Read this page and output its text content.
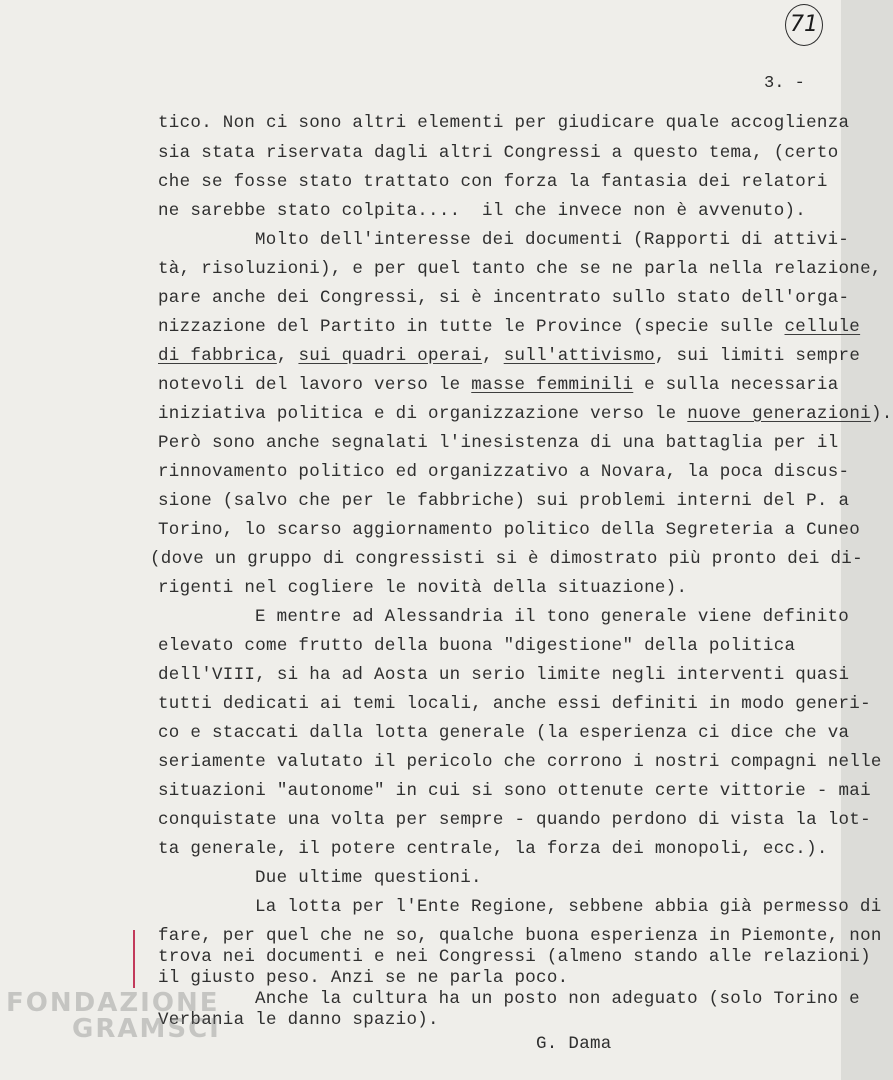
71
3. -
tico. Non ci sono altri elementi per giudicare quale accoglienza
sia stata riservata dagli altri Congressi a questo tema, (certo
che se fosse stato trattato con forza la fantasia dei relatori
ne sarebbe stato colpita....  il che invece non è avvenuto).
Molto dell'interesse dei documenti (Rapporti di attivi-
tà, risoluzioni), e per quel tanto che se ne parla nella relazione,
pare anche dei Congressi, si è incentrato sullo stato dell'orga-
nizzazione del Partito in tutte le Province (specie sulle cellule
di fabbrica, sui quadri operai, sull'attivismo, sui limiti sempre
notevoli del lavoro verso le masse femminili e sulla necessaria
iniziativa politica e di organizzazione verso le nuove generazioni).
Però sono anche segnalati l'inesistenza di una battaglia per il
rinnovamento politico ed organizzativo a Novara, la poca discus-
sione (salvo che per le fabbriche) sui problemi interni del P. a
Torino, lo scarso aggiornamento politico della Segreteria a Cuneo
(dove un gruppo di congressisti si è dimostrato più pronto dei di-
rigenti nel cogliere le novità della situazione).
E mentre ad Alessandria il tono generale viene definito
elevato come frutto della buona "digestione" della politica
dell'VIII, si ha ad Aosta un serio limite negli interventi quasi
tutti dedicati ai temi locali, anche essi definiti in modo generi-
co e staccati dalla lotta generale (la esperienza ci dice che va
seriamente valutato il pericolo che corrono i nostri compagni nelle
situazioni "autonome" in cui si sono ottenute certe vittorie - mai
conquistate una volta per sempre - quando perdono di vista la lot-
ta generale, il potere centrale, la forza dei monopoli, ecc.).
Due ultime questioni.
La lotta per l'Ente Regione, sebbene abbia già permesso di
fare, per quel che ne so, qualche buona esperienza in Piemonte, non
trova nei documenti e nei Congressi (almeno stando alle relazioni)
il giusto peso. Anzi se ne parla poco.
Anche la cultura ha un posto non adeguato (solo Torino e
Verbania le danno spazio).
G. Dama
FONDAZIONE
GRAMSCI
